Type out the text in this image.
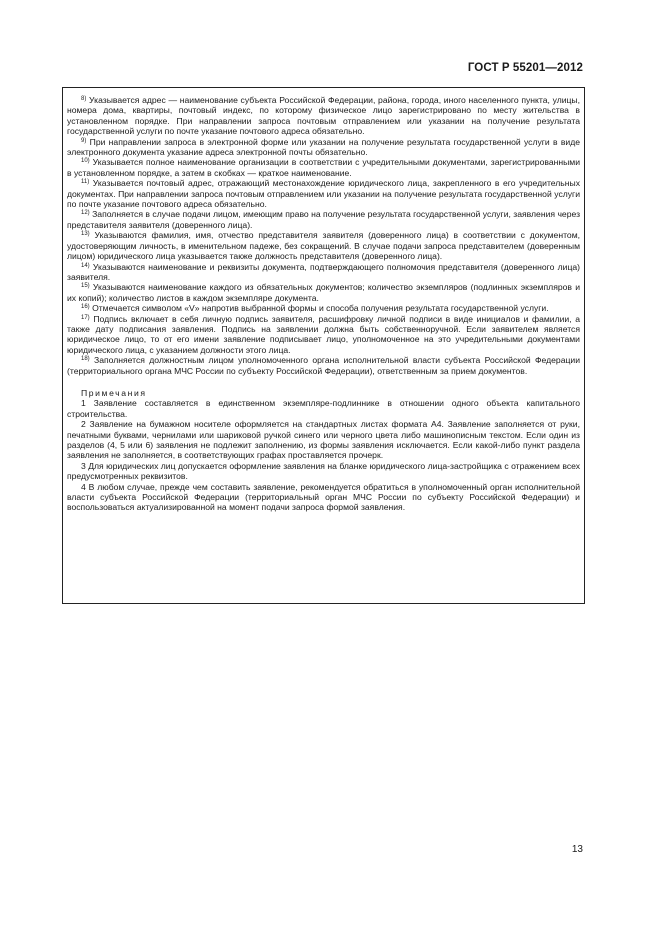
ГОСТ Р 55201—2012

$^{8)}$ Указывается адрес — наименование субъекта Российской Федерации, района, города, иного населенного пункта, улицы, номера дома, квартиры, почтовый индекс, по которому физическое лицо зарегистрировано по месту жительства в установленном порядке. При направлении запроса почтовым отправлением или указании на получение результата государственной услуги по почте указание почтового адреса обязательно.

$^{9)}$ При направлении запроса в электронной форме или указании на получение результата государственной услуги в виде электронного документа указание адреса электронной почты обязательно.

$^{10)}$ Указывается полное наименование организации в соответствии с учредительными документами, зарегистрированными в установленном порядке, а затем в скобках — краткое наименование.

$^{11)}$ Указывается почтовый адрес, отражающий местонахождение юридического лица, закрепленного в его учредительных документах. При направлении запроса почтовым отправлением или указании на получение результата государственной услуги по почте указание почтового адреса обязательно.

$^{12)}$ Заполняется в случае подачи лицом, имеющим право на получение результата государственной услуги, заявления через представителя заявителя (доверенного лица).

$^{13)}$ Указываются фамилия, имя, отчество представителя заявителя (доверенного лица) в соответствии с документом, удостоверяющим личность, в именительном падеже, без сокращений. В случае подачи запроса представителем (доверенным лицом) юридического лица указывается также должность представителя (доверенного лица).

$^{14)}$ Указываются наименование и реквизиты документа, подтверждающего полномочия представителя (доверенного лица) заявителя.

$^{15)}$ Указываются наименование каждого из обязательных документов; количество экземпляров (подлинных экземпляров и их копий); количество листов в каждом экземпляре документа.

$^{16)}$ Отмечается символом «V» напротив выбранной формы и способа получения результата государственной услуги.

$^{17)}$ Подпись включает в себя личную подпись заявителя, расшифровку личной подписи в виде инициалов и фамилии, а также дату подписания заявления. Подпись на заявлении должна быть собственноручной. Если заявителем является юридическое лицо, то от его имени заявление подписывает лицо, уполномоченное на это учредительными документами юридического лица, с указанием должности этого лица.

$^{18)}$ Заполняется должностным лицом уполномоченного органа исполнительной власти субъекта Российской Федерации (территориального органа МЧС России по субъекту Российской Федерации), ответственным за прием документов.

Примечания

1 Заявление составляется в единственном экземпляре-подлиннике в отношении одного объекта капитального строительства.

2 Заявление на бумажном носителе оформляется на стандартных листах формата А4. Заявление заполняется от руки, печатными буквами, чернилами или шариковой ручкой синего или черного цвета либо машинописным текстом. Если один из разделов (4, 5 или 6) заявления не подлежит заполнению, из формы заявления исключается. Если какой-либо пункт раздела заявления не заполняется, в соответствующих графах проставляется прочерк.

3 Для юридических лиц допускается оформление заявления на бланке юридического лица-застройщика с отражением всех предусмотренных реквизитов.

4 В любом случае, прежде чем составить заявление, рекомендуется обратиться в уполномоченный орган исполнительной власти субъекта Российской Федерации (территориальный орган МЧС России по субъекту Российской Федерации) и воспользоваться актуализированной на момент подачи запроса формой заявления.

13
